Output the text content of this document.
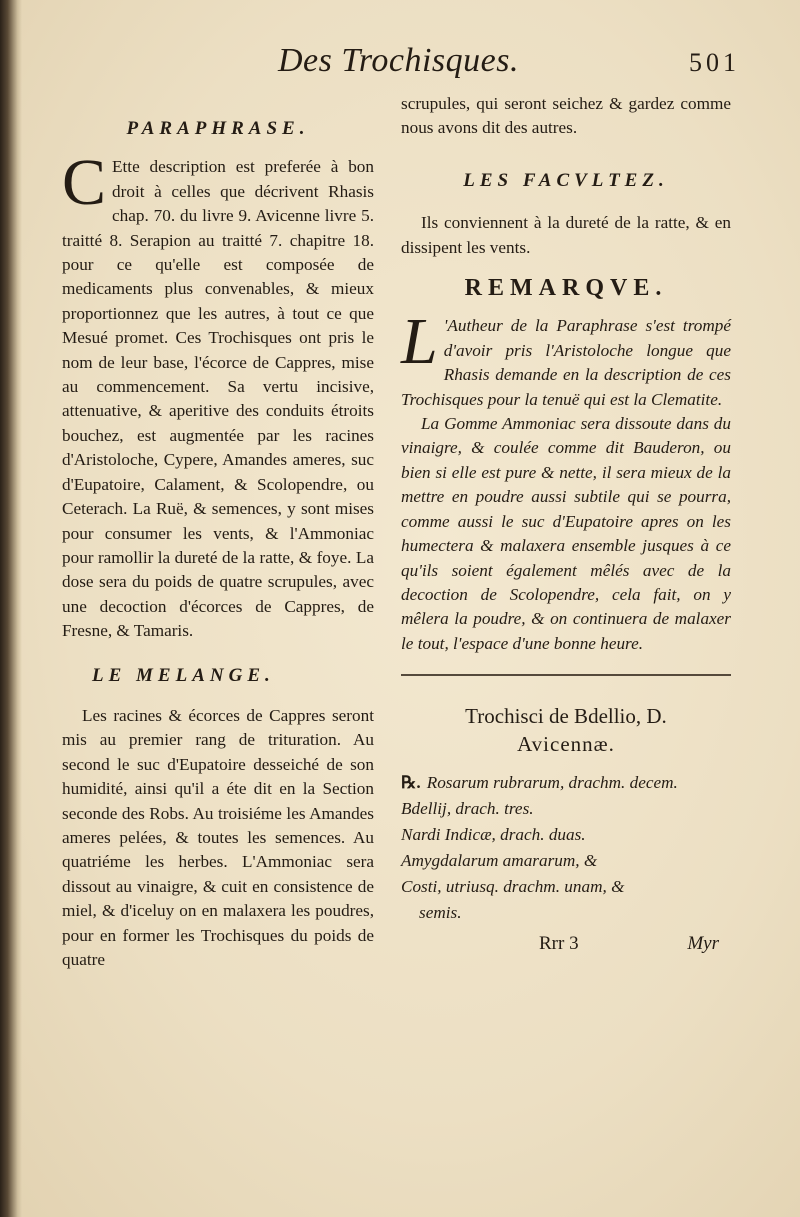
Des Trochisques.	501
PARAPHRASE.

C Ette description est preferée à bon droit à celles que décrivent Rhasis chap. 70. du livre 9. Avicenne livre 5. traitté 8. Serapion au traitté 7. chapitre 18. pour ce qu'elle est composée de medicaments plus convenables, & mieux proportionnez que les autres, à tout ce que Mesué promet. Ces Trochisques ont pris le nom de leur base, l'écorce de Cappres, mise au commencement. Sa vertu incisive, attenuative, & aperitive des conduits étroits bouchez, est augmentée par les racines d'Aristoloche, Cypere, Amandes ameres, suc d'Eupatoire, Calament, & Scolopendre, ou Ceterach. La Ruë, & semences, y sont mises pour consumer les vents, & l'Ammoniac pour ramollir la dureté de la ratte, & foye. La dose sera du poids de quatre scrupules, avec une decoction d'écorces de Cappres, de Fresne, & Tamaris.

LE MELANGE.

Les racines & écorces de Cappres seront mis au premier rang de trituration. Au second le suc d'Eupatoire desseiché de son humidité, ainsi qu'il a éte dit en la Section seconde des Robs. Au troisiéme les Amandes ameres pelées, & toutes les semences. Au quatriéme les herbes. L'Ammoniac sera dissout au vinaigre, & cuit en consistence de miel, & d'iceluy on en malaxera les poudres, pour en former les Trochisques du poids de quatre

scrupules, qui seront seichez & gardez comme nous avons dit des autres.

LES FACVLTEZ.

Ils conviennent à la dureté de la ratte, & en dissipent les vents.

REMARQVE.

L 'Autheur de la Paraphrase s'est trompé d'avoir pris l'Aristoloche longue que Rhasis demande en la description de ces Trochisques pour la tenuë qui est la Clematite.

La Gomme Ammoniac sera dissoute dans du vinaigre, & coulée comme dit Bauderon, ou bien si elle est pure & nette, il sera mieux de la mettre en poudre aussi subtile qui se pourra, comme aussi le suc d'Eupatoire apres on les humectera & malaxera ensemble jusques à ce qu'ils soient également mêlés avec de la decoction de Scolopendre, cela fait, on y mêlera la poudre, & on continuera de malaxer le tout, l'espace d'une bonne heure.

Trochisci de Bdellio, D.
Avicennæ.
℞. Rosarum rubrarum, drachm. decem.
Bdellij, drach. tres.
Nardi Indicæ, drach. duas.
Amygdalarum amararum, &
Costi, utriusq. drachm. unam, &
semis.
Rrr 3	Myr
